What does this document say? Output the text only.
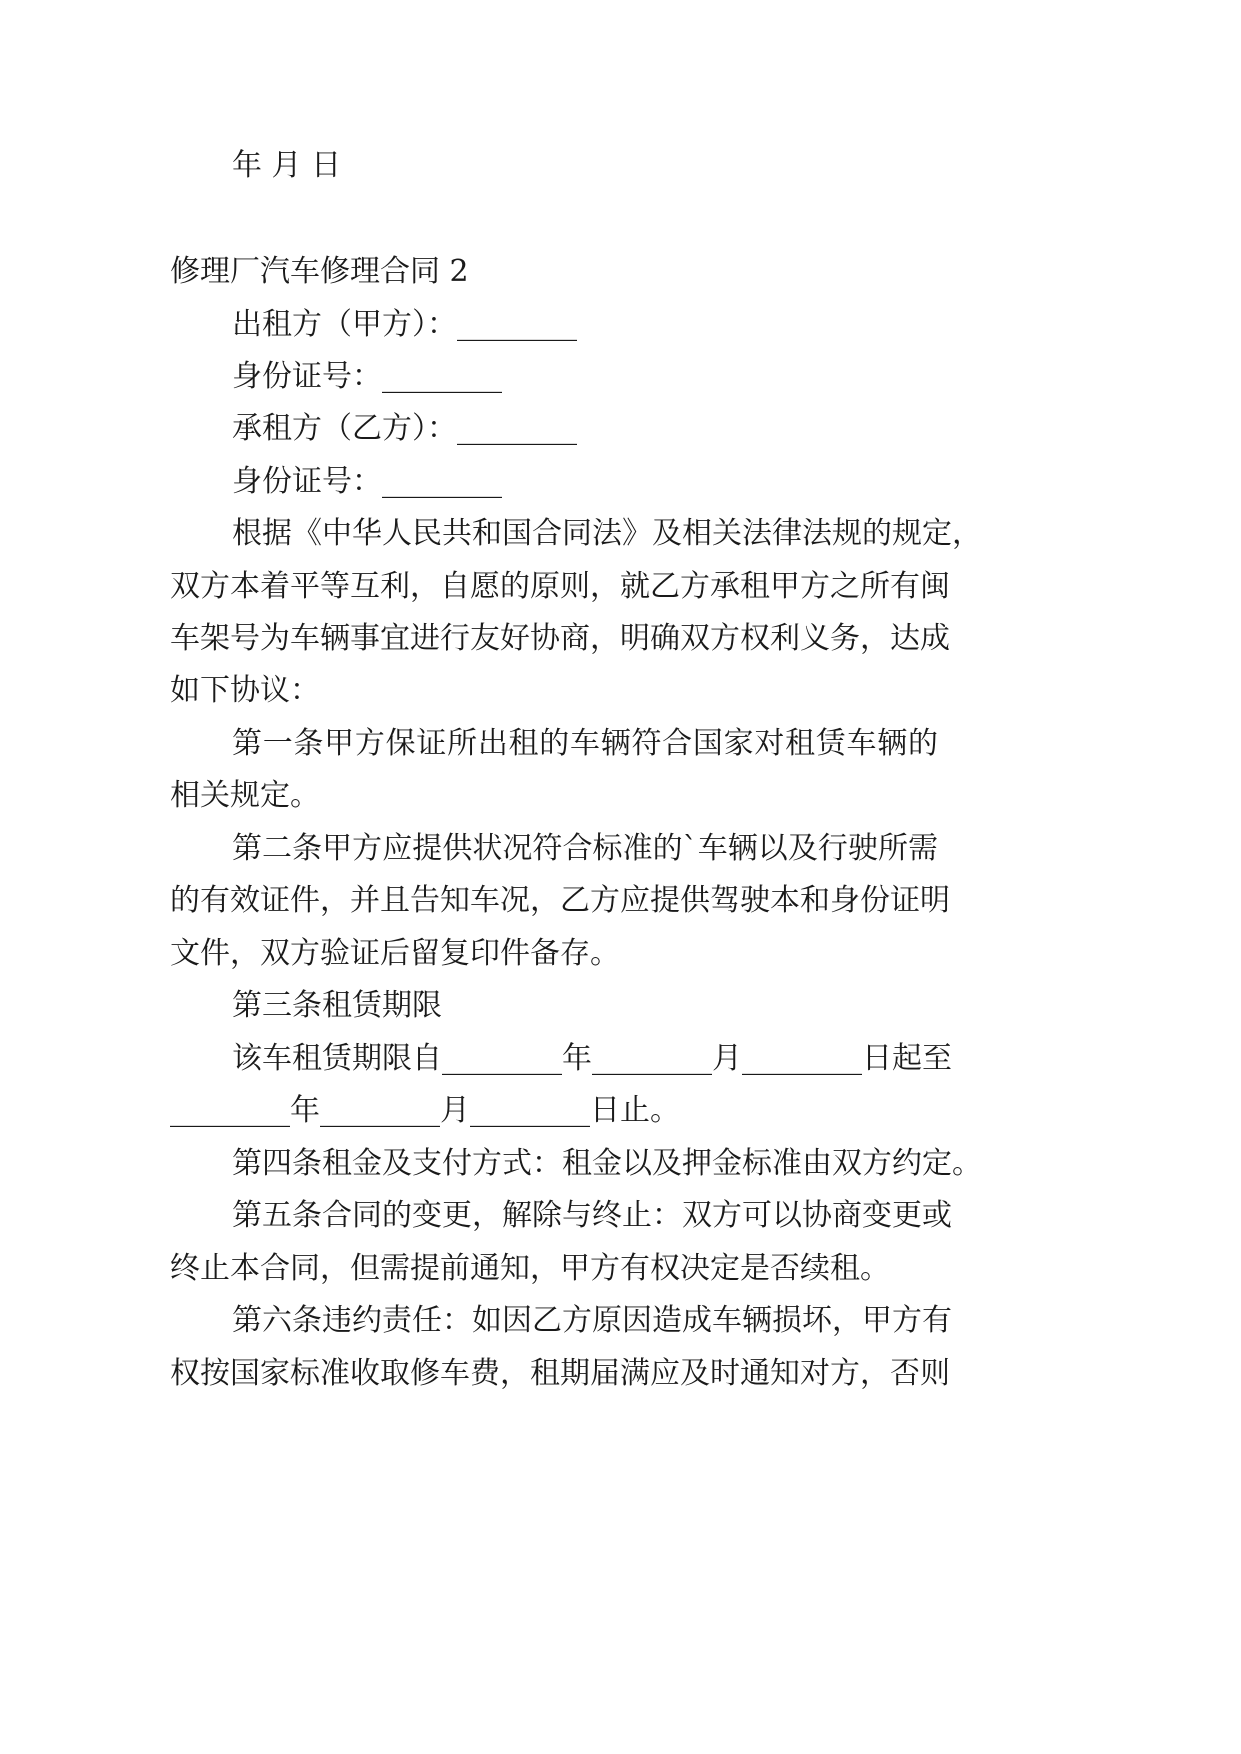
年 月 日
修理厂汽车修理合同 2
出租方（甲方）：________
身份证号：________
承租方（乙方）：________
身份证号：________
根据《中华人民共和国合同法》及相关法律法规的规定，
双方本着平等互利，自愿的原则，就乙方承租甲方之所有闽
车架号为车辆事宜进行友好协商，明确双方权利义务，达成
如下协议：
第一条甲方保证所出租的车辆符合国家对租赁车辆的
相关规定。
第二条甲方应提供状况符合标准的`车辆以及行驶所需
的有效证件，并且告知车况，乙方应提供驾驶本和身份证明
文件，双方验证后留复印件备存。
第三条租赁期限
该车租赁期限自________年________月________日起至
________年________月________日止。
第四条租金及支付方式：租金以及押金标准由双方约定。
第五条合同的变更，解除与终止：双方可以协商变更或
终止本合同，但需提前通知，甲方有权决定是否续租。
第六条违约责任：如因乙方原因造成车辆损坏，甲方有
权按国家标准收取修车费，租期届满应及时通知对方，否则
